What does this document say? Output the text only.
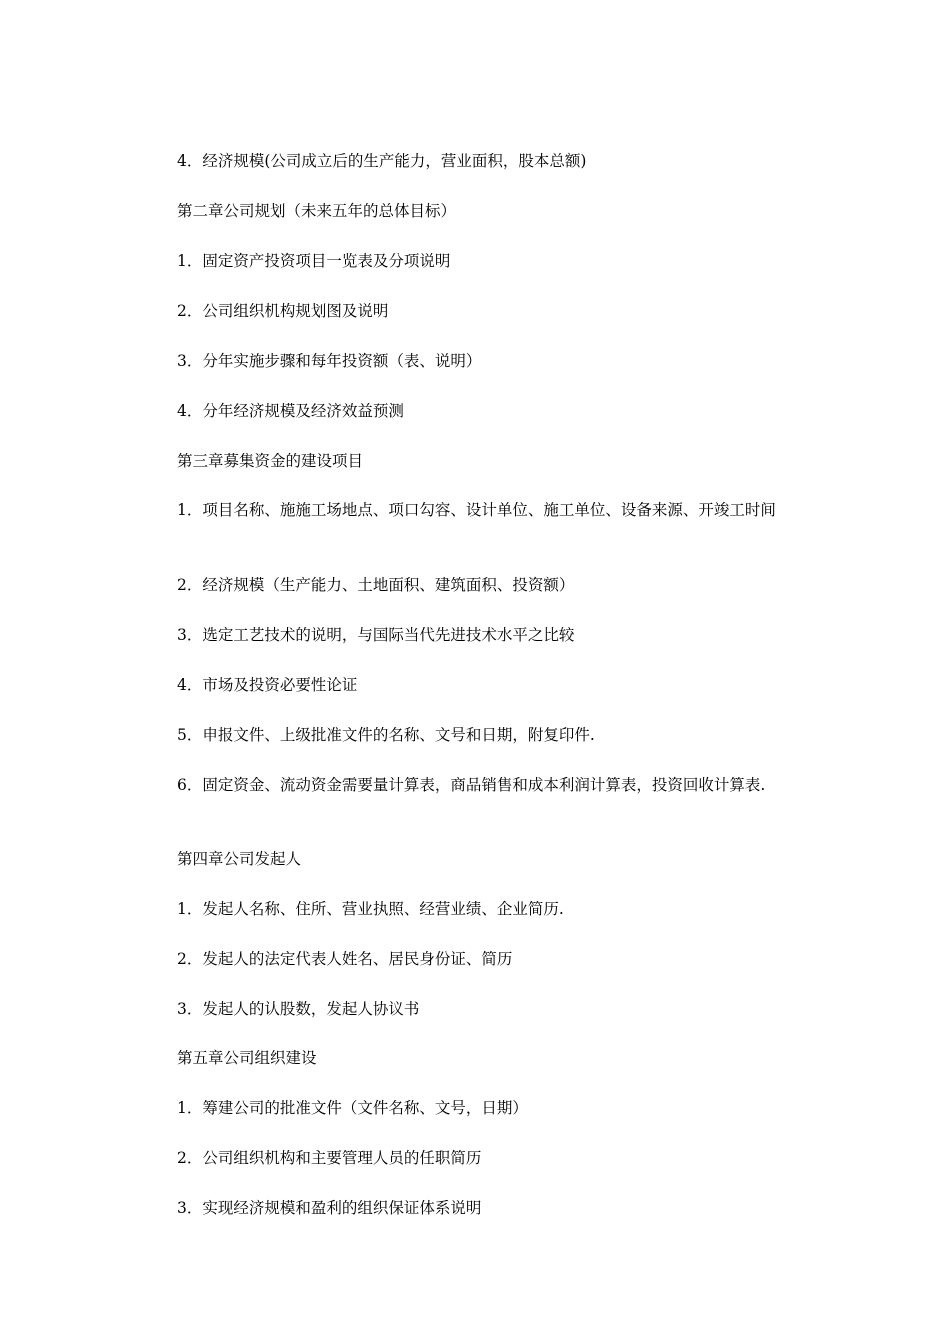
4．经济规模(公司成立后的生产能力，营业面积，股本总额)
第二章公司规划（未来五年的总体目标）
1．固定资产投资项目一览表及分项说明
2．公司组织机构规划图及说明
3．分年实施步骤和每年投资额（表、说明）
4．分年经济规模及经济效益预测
第三章募集资金的建设项目
1．项目名称、施施工场地点、项口勾容、设计单位、施工单位、设备来源、开竣工时间
2．经济规模（生产能力、土地面积、建筑面积、投资额）
3．选定工艺技术的说明，与国际当代先进技术水平之比较
4．市场及投资必要性论证
5．申报文件、上级批准文件的名称、文号和日期，附复印件.
6．固定资金、流动资金需要量计算表，商品销售和成本利润计算表，投资回收计算表.
第四章公司发起人
1．发起人名称、住所、营业执照、经营业绩、企业简历.
2．发起人的法定代表人姓名、居民身份证、简历
3．发起人的认股数，发起人协议书
第五章公司组织建设
1．筹建公司的批准文件（文件名称、文号，日期）
2．公司组织机构和主要管理人员的任职简历
3．实现经济规模和盈利的组织保证体系说明
